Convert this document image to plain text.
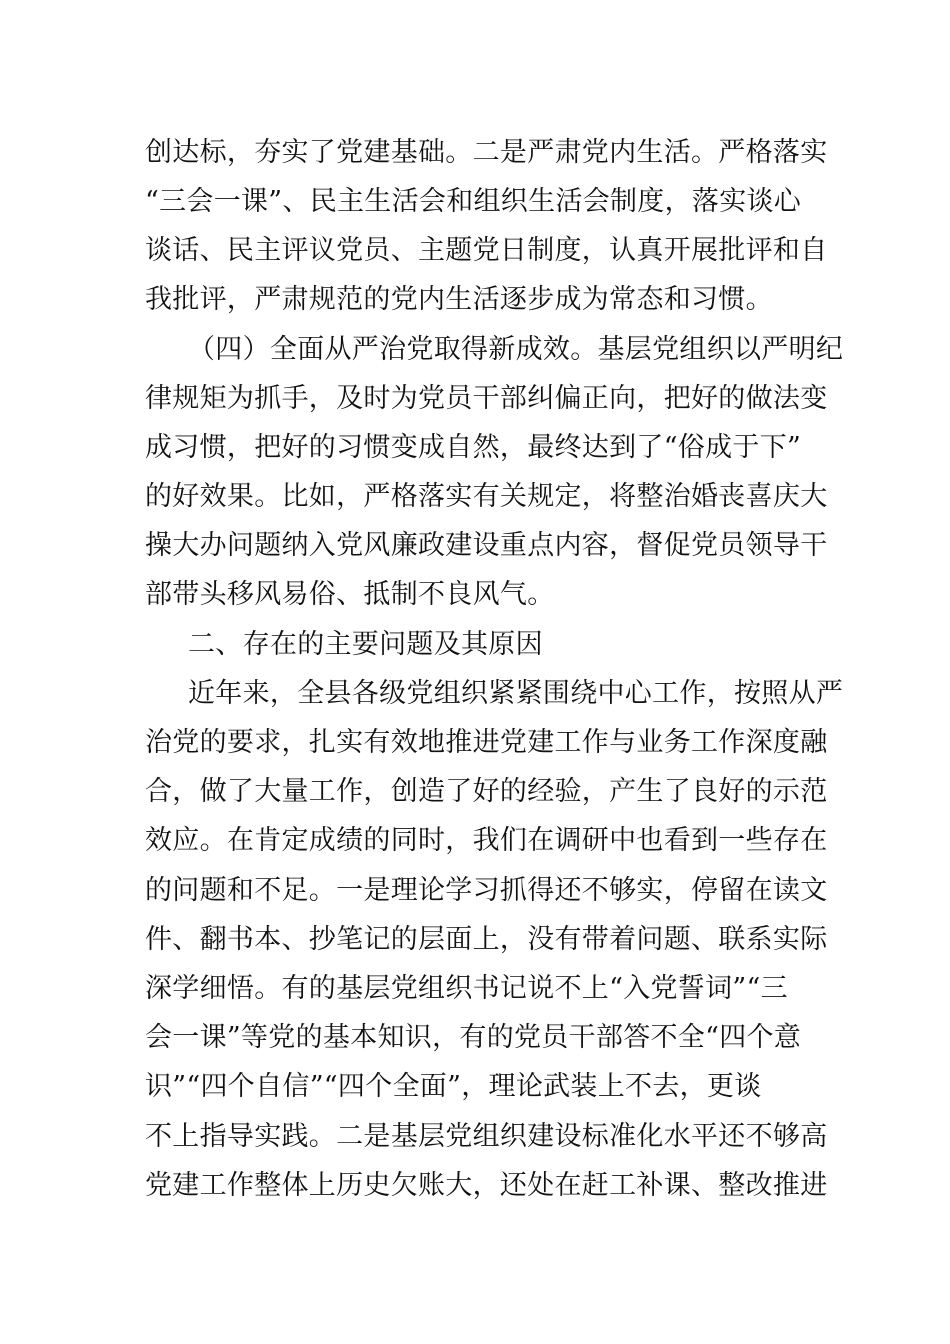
创达标，夯实了党建基础。二是严肃党内生活。严格落实
“三会一课”、民主生活会和组织生活会制度，落实谈心
谈话、民主评议党员、主题党日制度，认真开展批评和自
我批评，严肃规范的党内生活逐步成为常态和习惯。
（四）全面从严治党取得新成效。基层党组织以严明纪
律规矩为抓手，及时为党员干部纠偏正向，把好的做法变
成习惯，把好的习惯变成自然，最终达到了“俗成于下”
的好效果。比如，严格落实有关规定，将整治婚丧喜庆大
操大办问题纳入党风廉政建设重点内容，督促党员领导干
部带头移风易俗、抵制不良风气。
二、存在的主要问题及其原因
近年来，全县各级党组织紧紧围绕中心工作，按照从严
治党的要求，扎实有效地推进党建工作与业务工作深度融
合，做了大量工作，创造了好的经验，产生了良好的示范
效应。在肯定成绩的同时，我们在调研中也看到一些存在
的问题和不足。一是理论学习抓得还不够实，停留在读文
件、翻书本、抄笔记的层面上，没有带着问题、联系实际
深学细悟。有的基层党组织书记说不上“入党誓词”“三
会一课”等党的基本知识，有的党员干部答不全“四个意
识”“四个自信”“四个全面”，理论武装上不去，更谈
不上指导实践。二是基层党组织建设标准化水平还不够高
党建工作整体上历史欠账大，还处在赶工补课、整改推进
